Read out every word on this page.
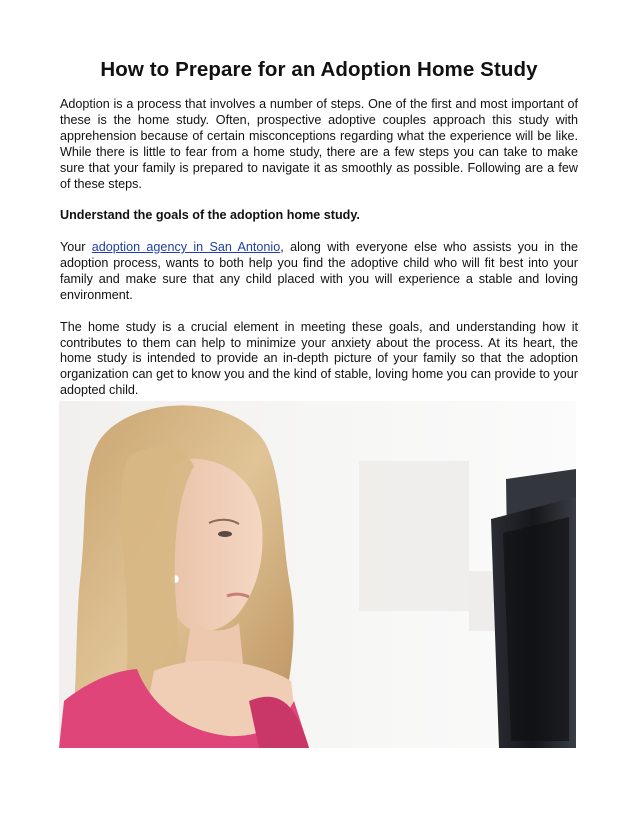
How to Prepare for an Adoption Home Study

Adoption is a process that involves a number of steps. One of the first and most important of these is the home study. Often, prospective adoptive couples approach this study with apprehension because of certain misconceptions regarding what the experience will be like. While there is little to fear from a home study, there are a few steps you can take to make sure that your family is prepared to navigate it as smoothly as possible. Following are a few of these steps.

Understand the goals of the adoption home study.

Your adoption agency in San Antonio, along with everyone else who assists you in the adoption process, wants to both help you find the adoptive child who will fit best into your family and make sure that any child placed with you will experience a stable and loving environment.

The home study is a crucial element in meeting these goals, and understanding how it contributes to them can help to minimize your anxiety about the process. At its heart, the home study is intended to provide an in-depth picture of your family so that the adoption organization can get to know you and the kind of stable, loving home you can provide to your adopted child.
